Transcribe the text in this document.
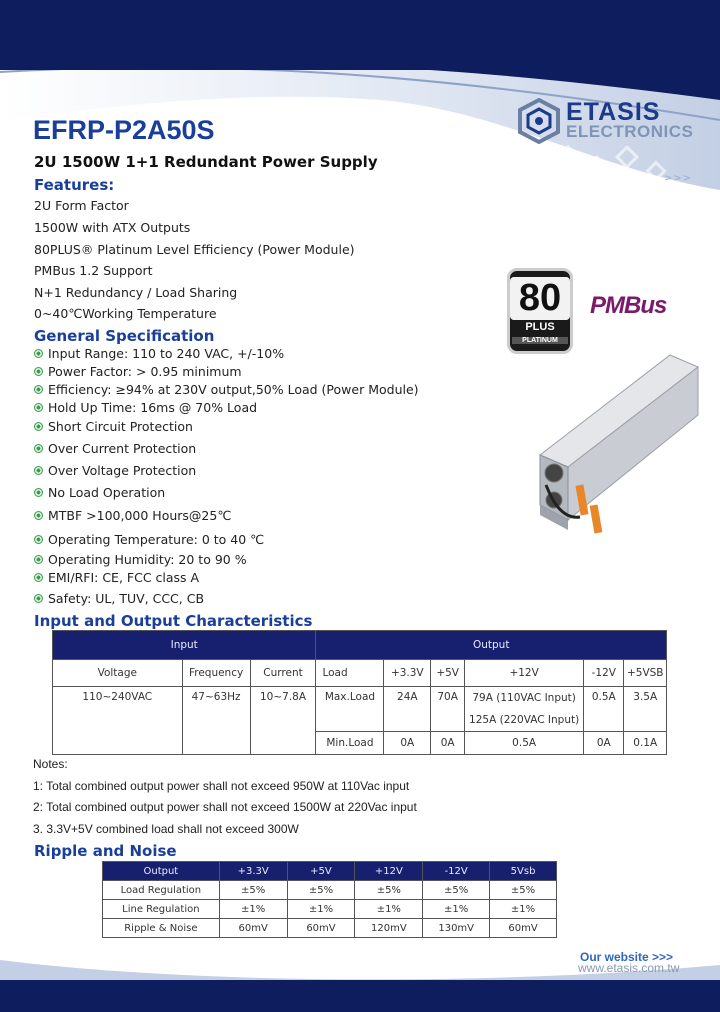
ETASIS
ELECTRONICS
>>>
EFRP-P2A50S
2U 1500W 1+1 Redundant Power Supply
Features:
2U Form Factor
1500W with ATX Outputs
80PLUS® Platinum Level Efficiency (Power Module)
PMBus 1.2 Support
N+1 Redundancy / Load Sharing
0~40℃Working Temperature	80
PLUS
PLATINUM
PMBus
General Specification
Input Range: 110 to 240 VAC, +/-10%
Power Factor: > 0.95 minimum
Efficiency: ≥94% at 230V output,50% Load (Power Module)
Hold Up Time: 16ms @ 70% Load
Short Circuit Protection
Over Current Protection
Over Voltage Protection
No Load Operation
MTBF >100,000 Hours@25℃
Operating Temperature: 0 to 40 ℃
Operating Humidity: 20 to 90 %
EMI/RFI: CE, FCC class A
Safety: UL, TUV, CCC, CB
Input and Output Characteristics
Input			Output					
Voltage	Frequency	Current	Load	+3.3V	+5V	+12V	-12V	+5VSB
110~240VAC	47~63Hz	10~7.8A	Max.Load	24A	70A	79A (110VAC Input)	0.5A	3.5A
						125A (220VAC Input)		
			Min.Load	0A	0A	0.5A	0A	0.1A
Notes:
1: Total combined output power shall not exceed 950W at 110Vac input
2: Total combined output power shall not exceed 1500W at 220Vac input
3. 3.3V+5V combined load shall not exceed 300W
Ripple and Noise
Output	+3.3V	+5V	+12V	-12V	5Vsb
Load Regulation	±5%	±5%	±5%	±5%	±5%
Line Regulation	±1%	±1%	±1%	±1%	±1%
Ripple & Noise	60mV	60mV	120mV	130mV	60mV
Our website >>>
www.etasis.com.tw
